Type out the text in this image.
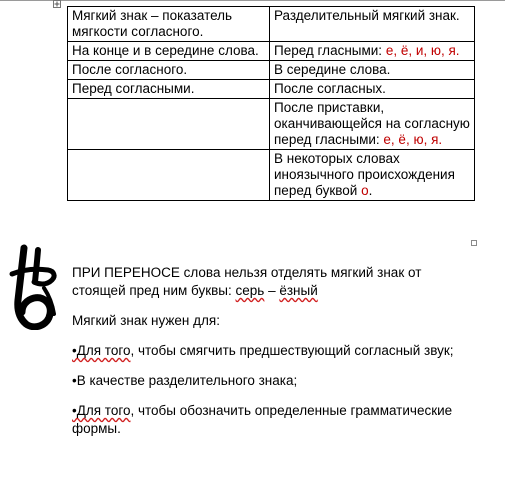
Мягкий знак – показатель мягкости согласного.	Разделительный мягкий знак.
На конце и в середине слова.	Перед гласными: е, ё, и, ю, я.
После согласного.	В середине слова.
Перед согласными.	После согласных.
	После приставки, оканчивающейся на согласную перед гласными: е, ё, ю, я.
	В некоторых словах иноязычного происхождения перед буквой о.

ПРИ ПЕРЕНОСЕ слова нельзя отделять мягкий знак от стоящей пред ним буквы: серь – ёзный

Мягкий знак нужен для:

•Для того, чтобы смягчить предшествующий согласный звук;

•В качестве разделительного знака;

•Для того, чтобы обозначить определенные грамматические формы.
